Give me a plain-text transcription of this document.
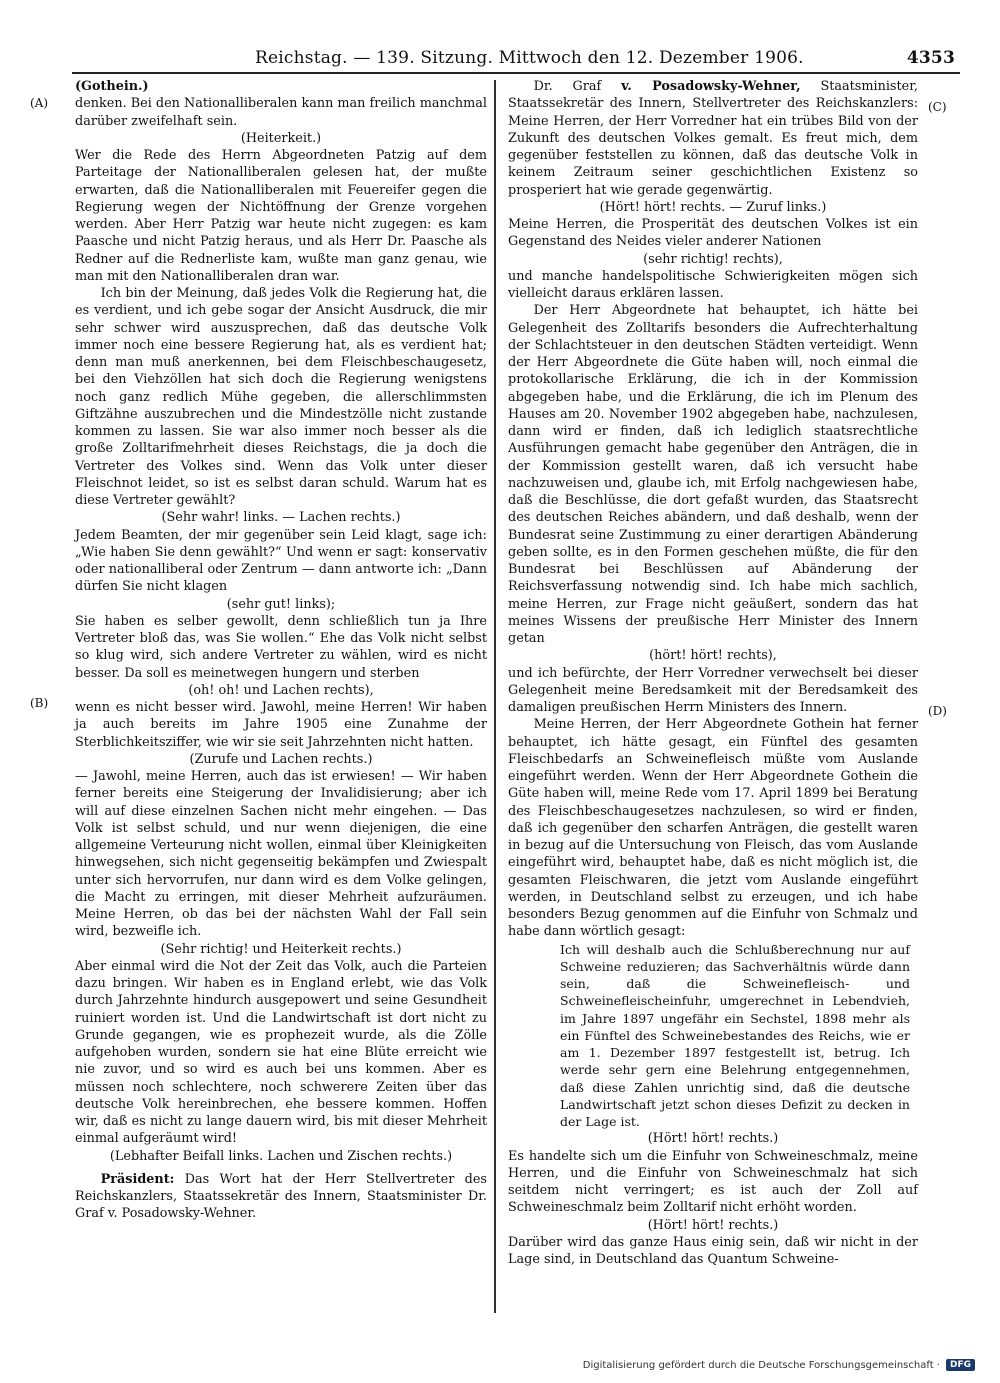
Reichstag. — 139. Sitzung. Mittwoch den 12. Dezember 1906.	4353
(A)
(B)
(C)
(D)

(Gothein.)

denken. Bei den Nationalliberalen kann man freilich manchmal darüber zweifelhaft sein.

(Heiterkeit.)

Wer die Rede des Herrn Abgeordneten Patzig auf dem Parteitage der Nationalliberalen gelesen hat, der mußte erwarten, daß die Nationalliberalen mit Feuereifer gegen die Regierung wegen der Nichtöffnung der Grenze vorgehen werden. Aber Herr Patzig war heute nicht zugegen: es kam Paasche und nicht Patzig heraus, und als Herr Dr. Paasche als Redner auf die Rednerliste kam, wußte man ganz genau, wie man mit den Nationalliberalen dran war.

Ich bin der Meinung, daß jedes Volk die Regierung hat, die es verdient, und ich gebe sogar der Ansicht Ausdruck, die mir sehr schwer wird auszusprechen, daß das deutsche Volk immer noch eine bessere Regierung hat, als es verdient hat; denn man muß anerkennen, bei dem Fleischbeschaugesetz, bei den Viehzöllen hat sich doch die Regierung wenigstens noch ganz redlich Mühe gegeben, die allerschlimmsten Giftzähne auszubrechen und die Mindestzölle nicht zustande kommen zu lassen. Sie war also immer noch besser als die große Zolltarifmehrheit dieses Reichstags, die ja doch die Vertreter des Volkes sind. Wenn das Volk unter dieser Fleischnot leidet, so ist es selbst daran schuld. Warum hat es diese Vertreter gewählt?

(Sehr wahr! links. — Lachen rechts.)

Jedem Beamten, der mir gegenüber sein Leid klagt, sage ich: „Wie haben Sie denn gewählt?“ Und wenn er sagt: konservativ oder nationalliberal oder Zentrum — dann antworte ich: „Dann dürfen Sie nicht klagen

(sehr gut! links);

Sie haben es selber gewollt, denn schließlich tun ja Ihre Vertreter bloß das, was Sie wollen.“ Ehe das Volk nicht selbst so klug wird, sich andere Vertreter zu wählen, wird es nicht besser. Da soll es meinetwegen hungern und sterben

(oh! oh! und Lachen rechts),

wenn es nicht besser wird. Jawohl, meine Herren! Wir haben ja auch bereits im Jahre 1905 eine Zunahme der Sterblichkeitsziffer, wie wir sie seit Jahrzehnten nicht hatten.

(Zurufe und Lachen rechts.)

— Jawohl, meine Herren, auch das ist erwiesen! — Wir haben ferner bereits eine Steigerung der Invalidisierung; aber ich will auf diese einzelnen Sachen nicht mehr eingehen. — Das Volk ist selbst schuld, und nur wenn diejenigen, die eine allgemeine Verteurung nicht wollen, einmal über Kleinigkeiten hinwegsehen, sich nicht gegenseitig bekämpfen und Zwiespalt unter sich hervorrufen, nur dann wird es dem Volke gelingen, die Macht zu erringen, mit dieser Mehrheit aufzuräumen. Meine Herren, ob das bei der nächsten Wahl der Fall sein wird, bezweifle ich.

(Sehr richtig! und Heiterkeit rechts.)

Aber einmal wird die Not der Zeit das Volk, auch die Parteien dazu bringen. Wir haben es in England erlebt, wie das Volk durch Jahrzehnte hindurch ausgepowert und seine Gesundheit ruiniert worden ist. Und die Landwirtschaft ist dort nicht zu Grunde gegangen, wie es prophezeit wurde, als die Zölle aufgehoben wurden, sondern sie hat eine Blüte erreicht wie nie zuvor, und so wird es auch bei uns kommen. Aber es müssen noch schlechtere, noch schwerere Zeiten über das deutsche Volk hereinbrechen, ehe bessere kommen. Hoffen wir, daß es nicht zu lange dauern wird, bis mit dieser Mehrheit einmal aufgeräumt wird!

(Lebhafter Beifall links. Lachen und Zischen rechts.)

Präsident: Das Wort hat der Herr Stellvertreter des Reichskanzlers, Staatssekretär des Innern, Staatsminister Dr. Graf v. Posadowsky-Wehner.

Dr. Graf v. Posadowsky-Wehner, Staatsminister, Staatssekretär des Innern, Stellvertreter des Reichskanzlers: Meine Herren, der Herr Vorredner hat ein trübes Bild von der Zukunft des deutschen Volkes gemalt. Es freut mich, dem gegenüber feststellen zu können, daß das deutsche Volk in keinem Zeitraum seiner geschichtlichen Existenz so prosperiert hat wie gerade gegenwärtig.

(Hört! hört! rechts. — Zuruf links.)

Meine Herren, die Prosperität des deutschen Volkes ist ein Gegenstand des Neides vieler anderer Nationen

(sehr richtig! rechts),

und manche handelspolitische Schwierigkeiten mögen sich vielleicht daraus erklären lassen.

Der Herr Abgeordnete hat behauptet, ich hätte bei Gelegenheit des Zolltarifs besonders die Aufrechterhaltung der Schlachtsteuer in den deutschen Städten verteidigt. Wenn der Herr Abgeordnete die Güte haben will, noch einmal die protokollarische Erklärung, die ich in der Kommission abgegeben habe, und die Erklärung, die ich im Plenum des Hauses am 20. November 1902 abgegeben habe, nachzulesen, dann wird er finden, daß ich lediglich staatsrechtliche Ausführungen gemacht habe gegenüber den Anträgen, die in der Kommission gestellt waren, daß ich versucht habe nachzuweisen und, glaube ich, mit Erfolg nachgewiesen habe, daß die Beschlüsse, die dort gefaßt wurden, das Staatsrecht des deutschen Reiches abändern, und daß deshalb, wenn der Bundesrat seine Zustimmung zu einer derartigen Abänderung geben sollte, es in den Formen geschehen müßte, die für den Bundesrat bei Beschlüssen auf Abänderung der Reichsverfassung notwendig sind. Ich habe mich sachlich, meine Herren, zur Frage nicht geäußert, sondern das hat meines Wissens der preußische Herr Minister des Innern getan

(hört! hört! rechts),

und ich befürchte, der Herr Vorredner verwechselt bei dieser Gelegenheit meine Beredsamkeit mit der Beredsamkeit des damaligen preußischen Herrn Ministers des Innern.

Meine Herren, der Herr Abgeordnete Gothein hat ferner behauptet, ich hätte gesagt, ein Fünftel des gesamten Fleischbedarfs an Schweinefleisch müßte vom Auslande eingeführt werden. Wenn der Herr Abgeordnete Gothein die Güte haben will, meine Rede vom 17. April 1899 bei Beratung des Fleischbeschaugesetzes nachzulesen, so wird er finden, daß ich gegenüber den scharfen Anträgen, die gestellt waren in bezug auf die Untersuchung von Fleisch, das vom Auslande eingeführt wird, behauptet habe, daß es nicht möglich ist, die gesamten Fleischwaren, die jetzt vom Auslande eingeführt werden, in Deutschland selbst zu erzeugen, und ich habe besonders Bezug genommen auf die Einfuhr von Schmalz und habe dann wörtlich gesagt:

Ich will deshalb auch die Schlußberechnung nur auf Schweine reduzieren; das Sachverhältnis würde dann sein, daß die Schweinefleisch- und Schweinefleischeinfuhr, umgerechnet in Lebendvieh, im Jahre 1897 ungefähr ein Sechstel, 1898 mehr als ein Fünftel des Schweinebestandes des Reichs, wie er am 1. Dezember 1897 festgestellt ist, betrug. Ich werde sehr gern eine Belehrung entgegennehmen, daß diese Zahlen unrichtig sind, daß die deutsche Landwirtschaft jetzt schon dieses Defizit zu decken in der Lage ist.

(Hört! hört! rechts.)

Es handelte sich um die Einfuhr von Schweineschmalz, meine Herren, und die Einfuhr von Schweineschmalz hat sich seitdem nicht verringert; es ist auch der Zoll auf Schweineschmalz beim Zolltarif nicht erhöht worden.

(Hört! hört! rechts.)

Darüber wird das ganze Haus einig sein, daß wir nicht in der Lage sind, in Deutschland das Quantum Schweine-

Digitalisierung gefördert durch die Deutsche Forschungsgemeinschaft ·	DFG
